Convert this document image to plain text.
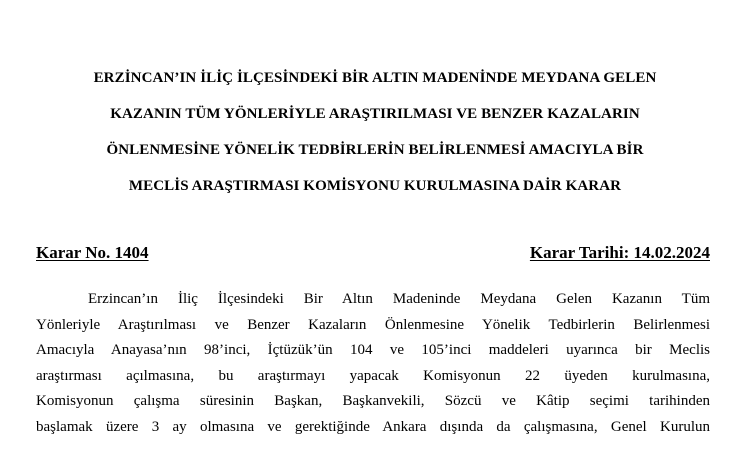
ERZİNCAN’IN İLİÇ İLÇESİNDEKİ BİR ALTIN MADENİNDE MEYDANA GELEN
KAZANIN TÜM YÖNLERİYLE ARAŞTIRILMASI VE BENZER KAZALARIN
ÖNLENMESİNE YÖNELİK TEDBİRLERİN BELİRLENMESİ AMACIYLA BİR
MECLİS ARAŞTIRMASI KOMİSYONU KURULMASINA DAİR KARAR
Karar No. 1404	Karar Tarihi: 14.02.2024
Erzincan’ın İliç İlçesindeki Bir Altın Madeninde Meydana Gelen Kazanın Tüm
Yönleriyle Araştırılması ve Benzer Kazaların Önlenmesine Yönelik Tedbirlerin Belirlenmesi
Amacıyla Anayasa’nın 98’inci, İçtüzük’ün 104 ve 105’inci maddeleri uyarınca bir Meclis
araştırması açılmasına, bu araştırmayı yapacak Komisyonun 22 üyeden kurulmasına,
Komisyonun çalışma süresinin Başkan, Başkanvekili, Sözcü ve Kâtip seçimi tarihinden
başlamak üzere 3 ay olmasına ve gerektiğinde Ankara dışında da çalışmasına, Genel Kurulun
